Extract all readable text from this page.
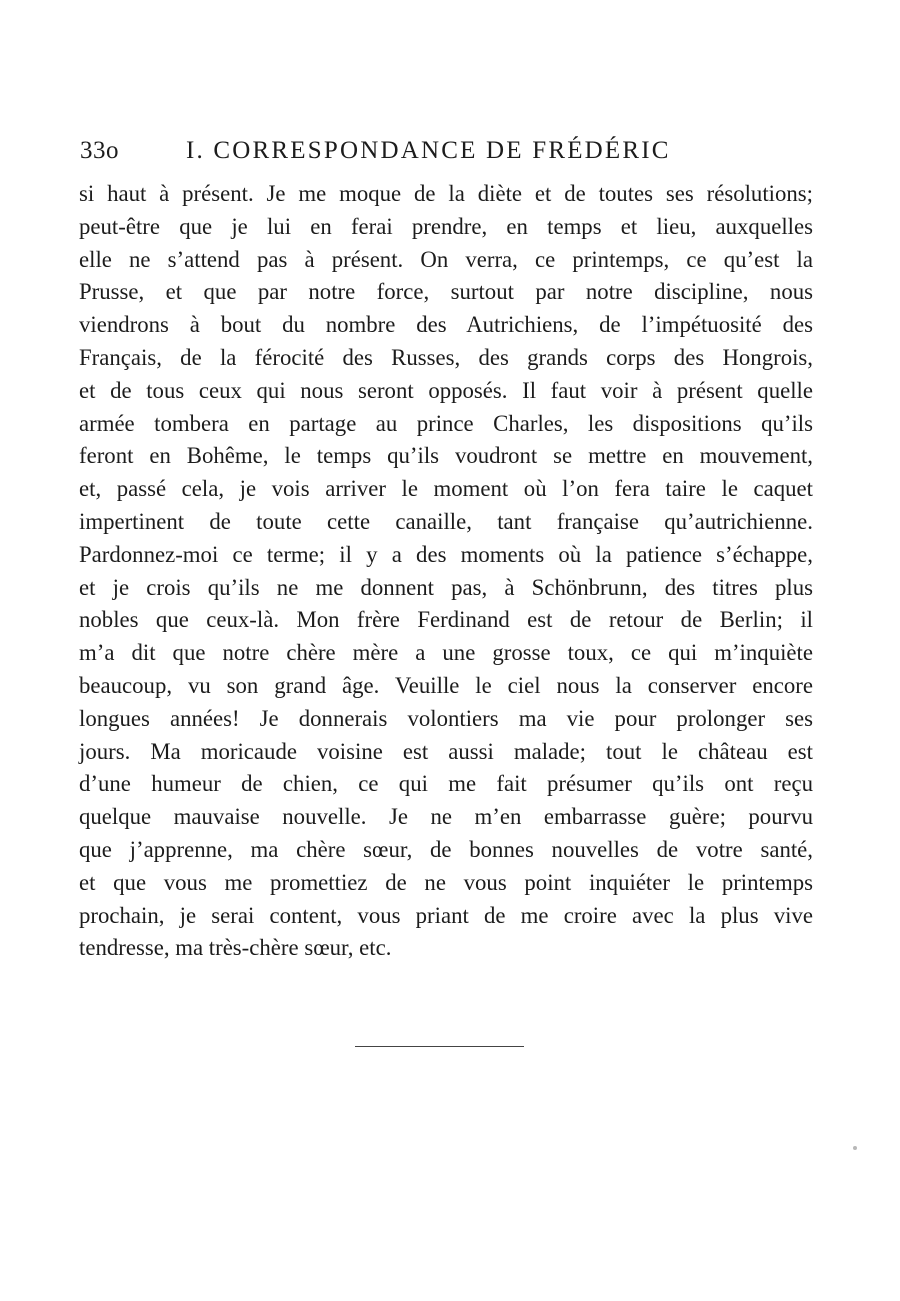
33o	I. CORRESPONDANCE DE FRÉDÉRIC
si haut à présent. Je me moque de la diète et de toutes ses résolutions;
peut-être que je lui en ferai prendre, en temps et lieu, auxquelles
elle ne s’attend pas à présent. On verra, ce printemps, ce qu’est la
Prusse, et que par notre force, surtout par notre discipline, nous
viendrons à bout du nombre des Autrichiens, de l’impétuosité des
Français, de la férocité des Russes, des grands corps des Hongrois,
et de tous ceux qui nous seront opposés. Il faut voir à présent quelle
armée tombera en partage au prince Charles, les dispositions qu’ils
feront en Bohême, le temps qu’ils voudront se mettre en mouvement,
et, passé cela, je vois arriver le moment où l’on fera taire le caquet
impertinent de toute cette canaille, tant française qu’autrichienne.
Pardonnez-moi ce terme; il y a des moments où la patience s’échappe,
et je crois qu’ils ne me donnent pas, à Schönbrunn, des titres plus
nobles que ceux-là. Mon frère Ferdinand est de retour de Berlin; il
m’a dit que notre chère mère a une grosse toux, ce qui m’inquiète
beaucoup, vu son grand âge. Veuille le ciel nous la conserver encore
longues années! Je donnerais volontiers ma vie pour prolonger ses
jours. Ma moricaude voisine est aussi malade; tout le château est
d’une humeur de chien, ce qui me fait présumer qu’ils ont reçu
quelque mauvaise nouvelle. Je ne m’en embarrasse guère; pourvu
que j’apprenne, ma chère sœur, de bonnes nouvelles de votre santé,
et que vous me promettiez de ne vous point inquiéter le printemps
prochain, je serai content, vous priant de me croire avec la plus vive
tendresse, ma très-chère sœur, etc.
